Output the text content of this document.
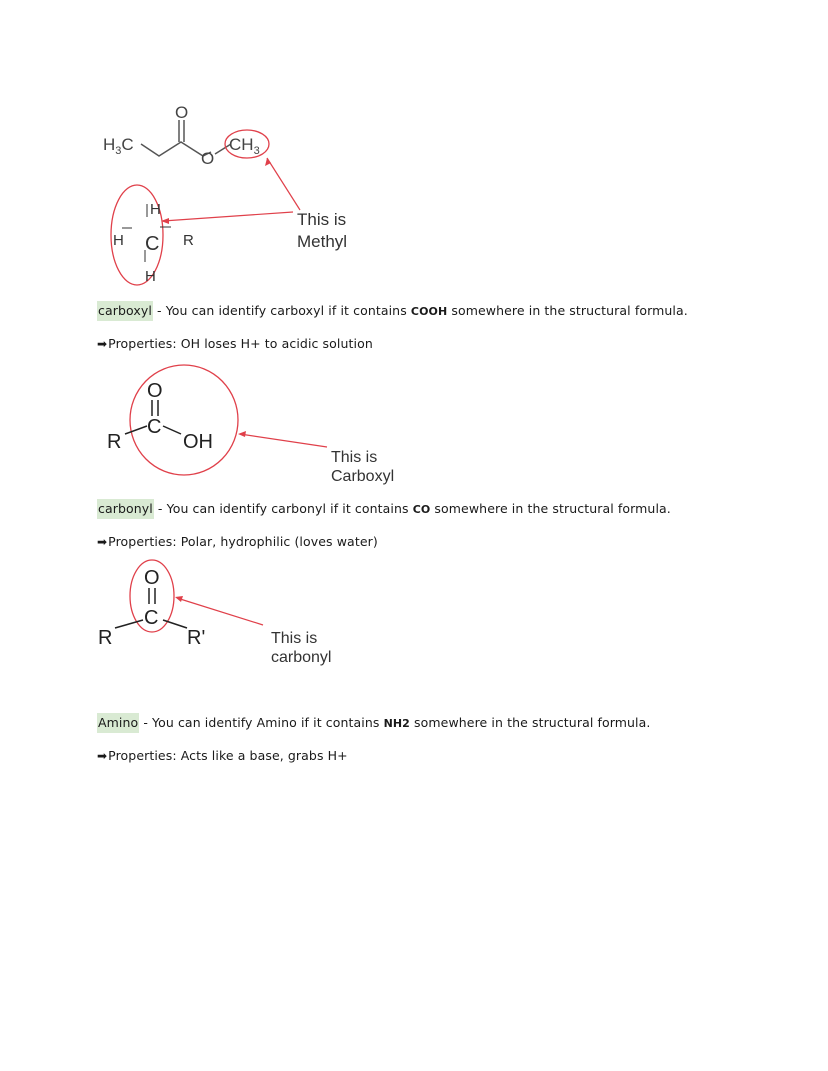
$H_3C$
O
O
$CH_3$
H
H C R
H
This is
Methyl
carboxyl - You can identify carboxyl if it contains COOH somewhere in the structural formula.
➡Properties: OH loses H+ to acidic solution
O
C
R	OH
This is
Carboxyl
carbonyl - You can identify carbonyl if it contains CO somewhere in the structural formula.
➡Properties: Polar, hydrophilic (loves water)
O
C
R	R'	This is
carbonyl
Amino - You can identify Amino if it contains NH2 somewhere in the structural formula.
➡Properties: Acts like a base, grabs H+
